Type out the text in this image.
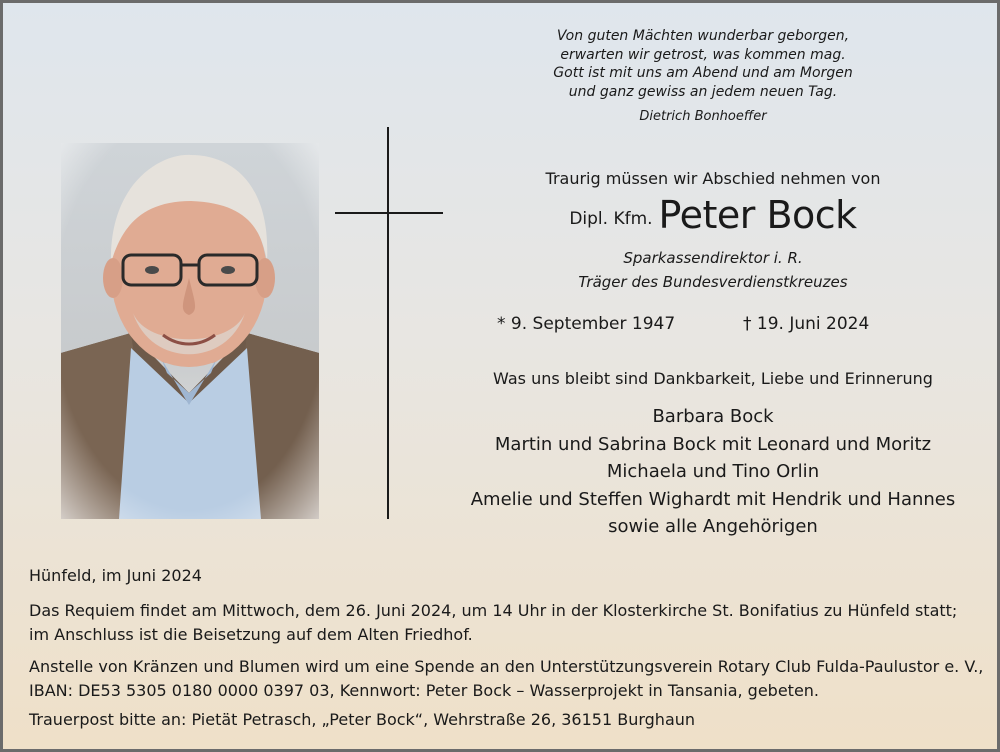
Von guten Mächten wunderbar geborgen,
erwarten wir getrost, was kommen mag.
Gott ist mit uns am Abend und am Morgen
und ganz gewiss an jedem neuen Tag.
Dietrich Bonhoeffer
Traurig müssen wir Abschied nehmen von
Dipl. Kfm. Peter Bock
Sparkassendirektor i. R.
Träger des Bundesverdienstkreuzes
* 9. September 1947	† 19. Juni 2024
Was uns bleibt sind Dankbarkeit, Liebe und Erinnerung
Barbara Bock
Martin und Sabrina Bock mit Leonard und Moritz
Michaela und Tino Orlin
Amelie und Steffen Wighardt mit Hendrik und Hannes
sowie alle Angehörigen
Hünfeld, im Juni 2024
Das Requiem findet am Mittwoch, dem 26. Juni 2024, um 14 Uhr in der Klosterkirche St. Bonifatius zu Hünfeld statt;
im Anschluss ist die Beisetzung auf dem Alten Friedhof.
Anstelle von Kränzen und Blumen wird um eine Spende an den Unterstützungsverein Rotary Club Fulda-Paulustor e. V.,
IBAN: DE53 5305 0180 0000 0397 03, Kennwort: Peter Bock – Wasserprojekt in Tansania, gebeten.
Trauerpost bitte an: Pietät Petrasch, „Peter Bock“, Wehrstraße 26, 36151 Burghaun
